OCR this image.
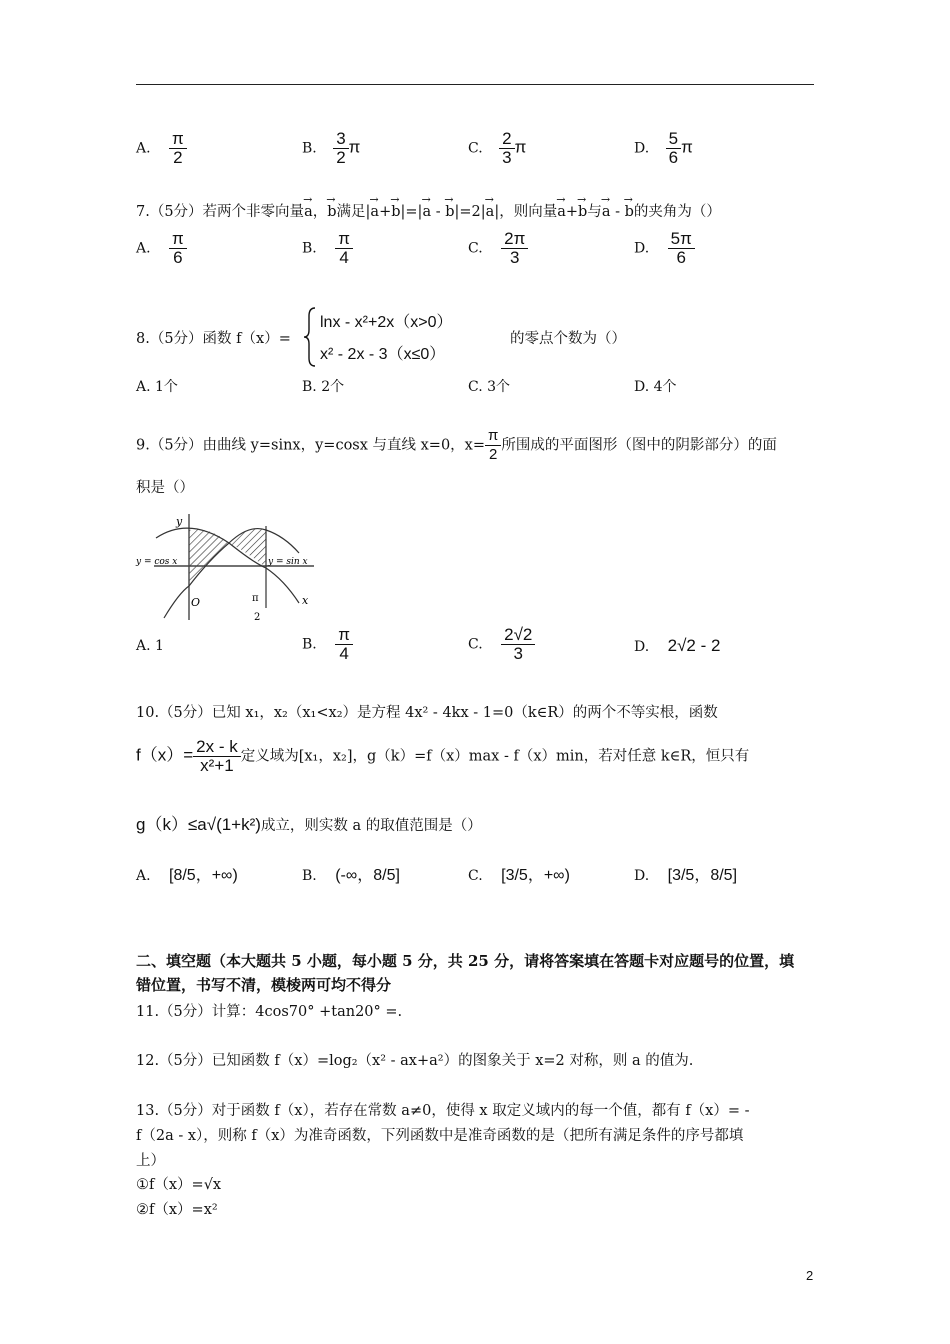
A. $\frac{\pi}{2}$	B. $\frac{3}{2}$ π	C. $\frac{2}{3}$ π	D. $\frac{5}{6}$ π
7.（5分）若两个非零向量→ a，→ b满足|→ a+→ b|=|→ a - → b|=2|→ a|，则向量→ a+→ b与→ a - → b的夹角为（）
A. $\frac{\pi}{6}$	B. $\frac{\pi}{4}$	C. $\frac{2\pi}{3}$	D. $\frac{5\pi}{6}$
8.（5分）函数 f（x）=
lnx - x²+2x（x>0）
x² - 2x - 3（x≤0）
的零点个数为（）
A. 1个	B. 2个	C. 3个	D. 4个
9.（5分）由曲线 y=sinx，y=cosx 与直线 x=0，$x= \frac{\pi}{2}$ 所围成的平面图形（图中的阴影部分）的面
积是（）
y
x
O
y = cos x	y = sin x
π
2
A. 1	B. $\frac{\pi}{4}$	C. $\frac{2√2}{3}$	D. 2√2 - 2
10.（5分）已知 x₁，x₂（x₁<x₂）是方程 4x² - 4kx - 1=0（k∈R）的两个不等实根，函数
$f(x)= \frac{2x - k}{\text{x²+1}}$ 定义域为[x₁，x₂]，g（k）=f（x）max - f（x）min，若对任意 k∈R，恒只有
g（k）≤a√(1+k²)成立，则实数 a 的取值范围是（）
A. [8/5，+∞)	B. (-∞，8/5]	C. [3/5，+∞)	D. [3/5，8/5]
二、填空题（本大题共 5 小题，每小题 5 分，共 25 分，请将答案填在答题卡对应题号的位置，填
错位置，书写不清，模棱两可均不得分
11.（5分）计算：4cos70° +tan20° =.
12.（5分）已知函数 f（x）=log₂（x² - ax+a²）的图象关于 x=2 对称，则 a 的值为.
13.（5分）对于函数 f（x），若存在常数 a≠0，使得 x 取定义域内的每一个值，都有 f（x）= -
f（2a - x），则称 f（x）为准奇函数，下列函数中是准奇函数的是（把所有满足条件的序号都填
上）
①f（x）=√x
②f（x）=x²
2
